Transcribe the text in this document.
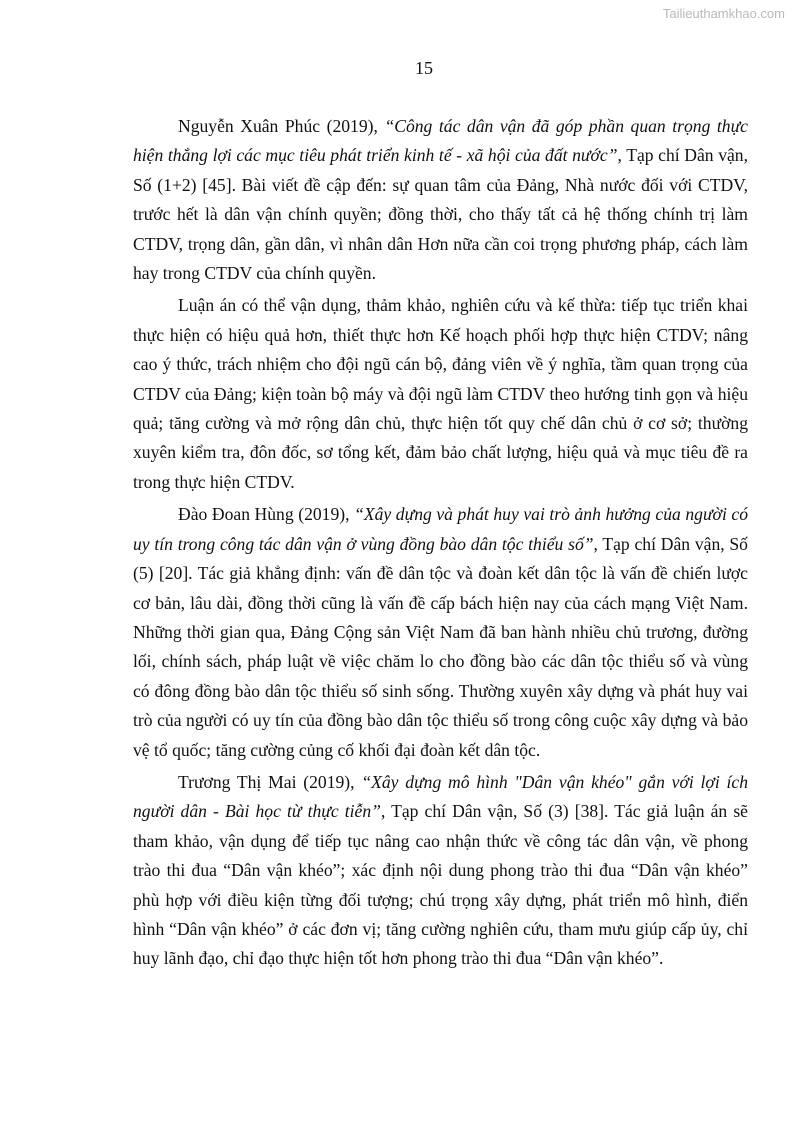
Tailieuthamkhao.com
15

Nguyễn Xuân Phúc (2019), “Công tác dân vận đã góp phần quan trọng thực hiện thắng lợi các mục tiêu phát triển kinh tế - xã hội của đất nước”, Tạp chí Dân vận, Số (1+2) [45]. Bài viết đề cập đến: sự quan tâm của Đảng, Nhà nước đối với CTDV, trước hết là dân vận chính quyền; đồng thời, cho thấy tất cả hệ thống chính trị làm CTDV, trọng dân, gần dân, vì nhân dân Hơn nữa cần coi trọng phương pháp, cách làm hay trong CTDV của chính quyền.

Luận án có thể vận dụng, thảm khảo, nghiên cứu và kế thừa: tiếp tục triển khai thực hiện có hiệu quả hơn, thiết thực hơn Kế hoạch phối hợp thực hiện CTDV; nâng cao ý thức, trách nhiệm cho đội ngũ cán bộ, đảng viên về ý nghĩa, tầm quan trọng của CTDV của Đảng; kiện toàn bộ máy và đội ngũ làm CTDV theo hướng tinh gọn và hiệu quả; tăng cường và mở rộng dân chủ, thực hiện tốt quy chế dân chủ ở cơ sở; thường xuyên kiểm tra, đôn đốc, sơ tổng kết, đảm bảo chất lượng, hiệu quả và mục tiêu đề ra trong thực hiện CTDV.

Đào Đoan Hùng (2019), “Xây dựng và phát huy vai trò ảnh hưởng của người có uy tín trong công tác dân vận ở vùng đồng bào dân tộc thiểu số”, Tạp chí Dân vận, Số (5) [20]. Tác giả khẳng định: vấn đề dân tộc và đoàn kết dân tộc là vấn đề chiến lược cơ bản, lâu dài, đồng thời cũng là vấn đề cấp bách hiện nay của cách mạng Việt Nam. Những thời gian qua, Đảng Cộng sản Việt Nam đã ban hành nhiều chủ trương, đường lối, chính sách, pháp luật về việc chăm lo cho đồng bào các dân tộc thiểu số và vùng có đông đồng bào dân tộc thiểu số sinh sống. Thường xuyên xây dựng và phát huy vai trò của người có uy tín của đồng bào dân tộc thiểu số trong công cuộc xây dựng và bảo vệ tổ quốc; tăng cường củng cố khối đại đoàn kết dân tộc.

Trương Thị Mai (2019), “Xây dựng mô hình "Dân vận khéo" gắn với lợi ích người dân - Bài học từ thực tiễn”, Tạp chí Dân vận, Số (3) [38]. Tác giả luận án sẽ tham khảo, vận dụng để tiếp tục nâng cao nhận thức về công tác dân vận, về phong trào thi đua “Dân vận khéo”; xác định nội dung phong trào thi đua “Dân vận khéo” phù hợp với điều kiện từng đối tượng; chú trọng xây dựng, phát triển mô hình, điển hình “Dân vận khéo” ở các đơn vị; tăng cường nghiên cứu, tham mưu giúp cấp ủy, chỉ huy lãnh đạo, chỉ đạo thực hiện tốt hơn phong trào thi đua “Dân vận khéo”.
